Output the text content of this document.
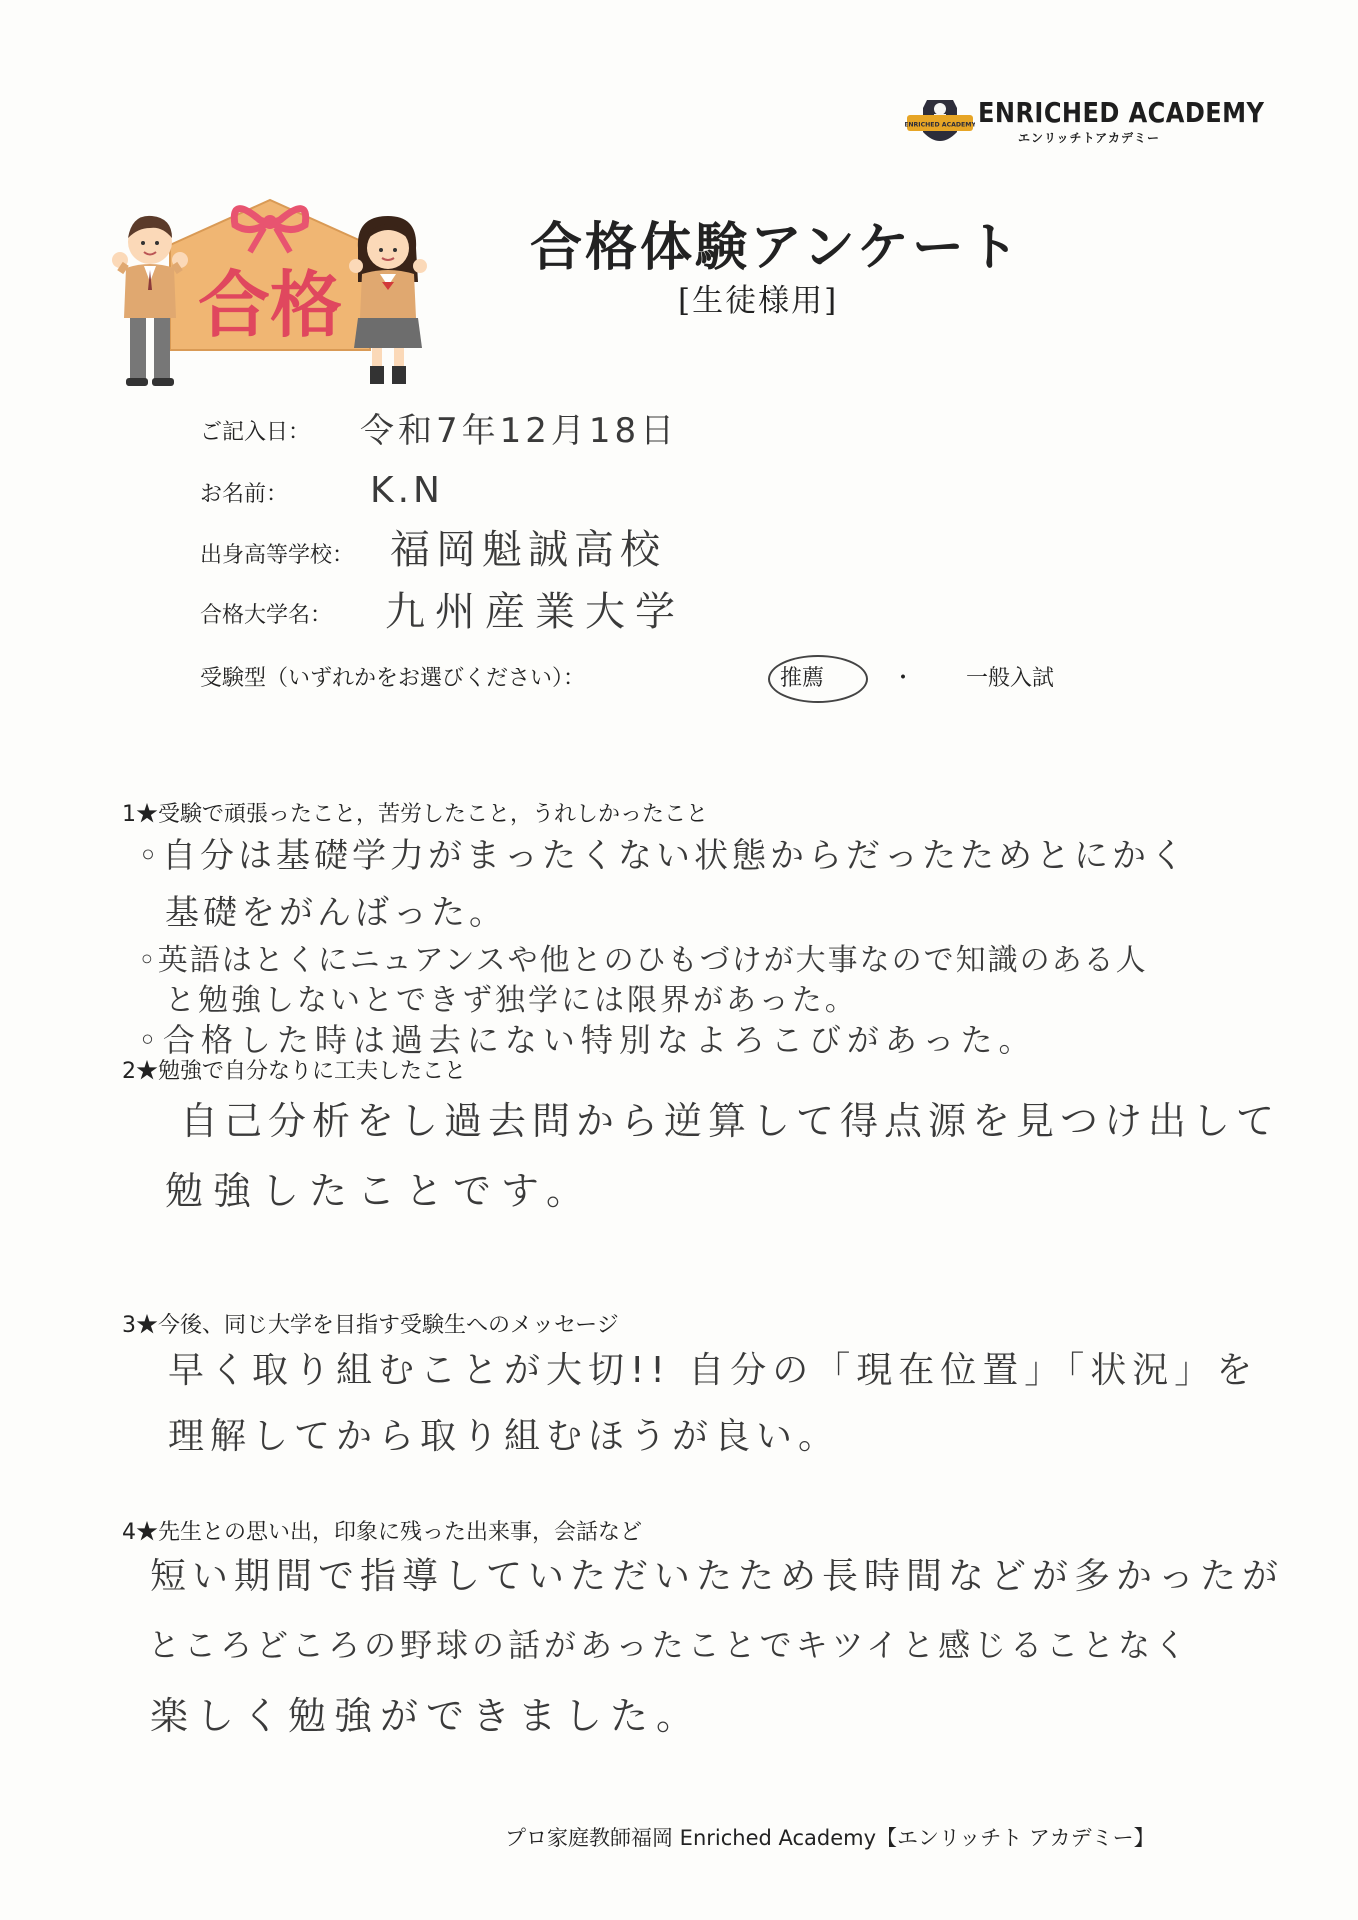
ENRICHED ACADEMY ENRICHED ACADEMY
エンリッチトアカデミー
合格
合格体験アンケート
[生徒様用]
ご記入日： 令和7年12月18日
お名前： K.N
出身高等学校： 福岡魁誠高校
合格大学名： 九州産業大学
受験型（いずれかをお選びください）：	推薦	・ 一般入試
1★受験で頑張ったこと，苦労したこと，うれしかったこと
◦自分は基礎学力がまったくない状態からだったためとにかく
基礎をがんばった。
◦英語はとくにニュアンスや他とのひもづけが大事なので知識のある人
と勉強しないとできず独学には限界があった。
◦合格した時は過去にない特別なよろこびがあった。
2★勉強で自分なりに工夫したこと
自己分析をし過去問から逆算して得点源を見つけ出して
勉強したことです。
3★今後、同じ大学を目指す受験生へのメッセージ
早く取り組むことが大切!! 自分の「現在位置」「状況」を
理解してから取り組むほうが良い。
4★先生との思い出，印象に残った出来事，会話など
短い期間で指導していただいたため長時間などが多かったが
ところどころの野球の話があったことでキツイと感じることなく
楽しく勉強ができました。
プロ家庭教師福岡 Enriched Academy【エンリッチト アカデミー】
